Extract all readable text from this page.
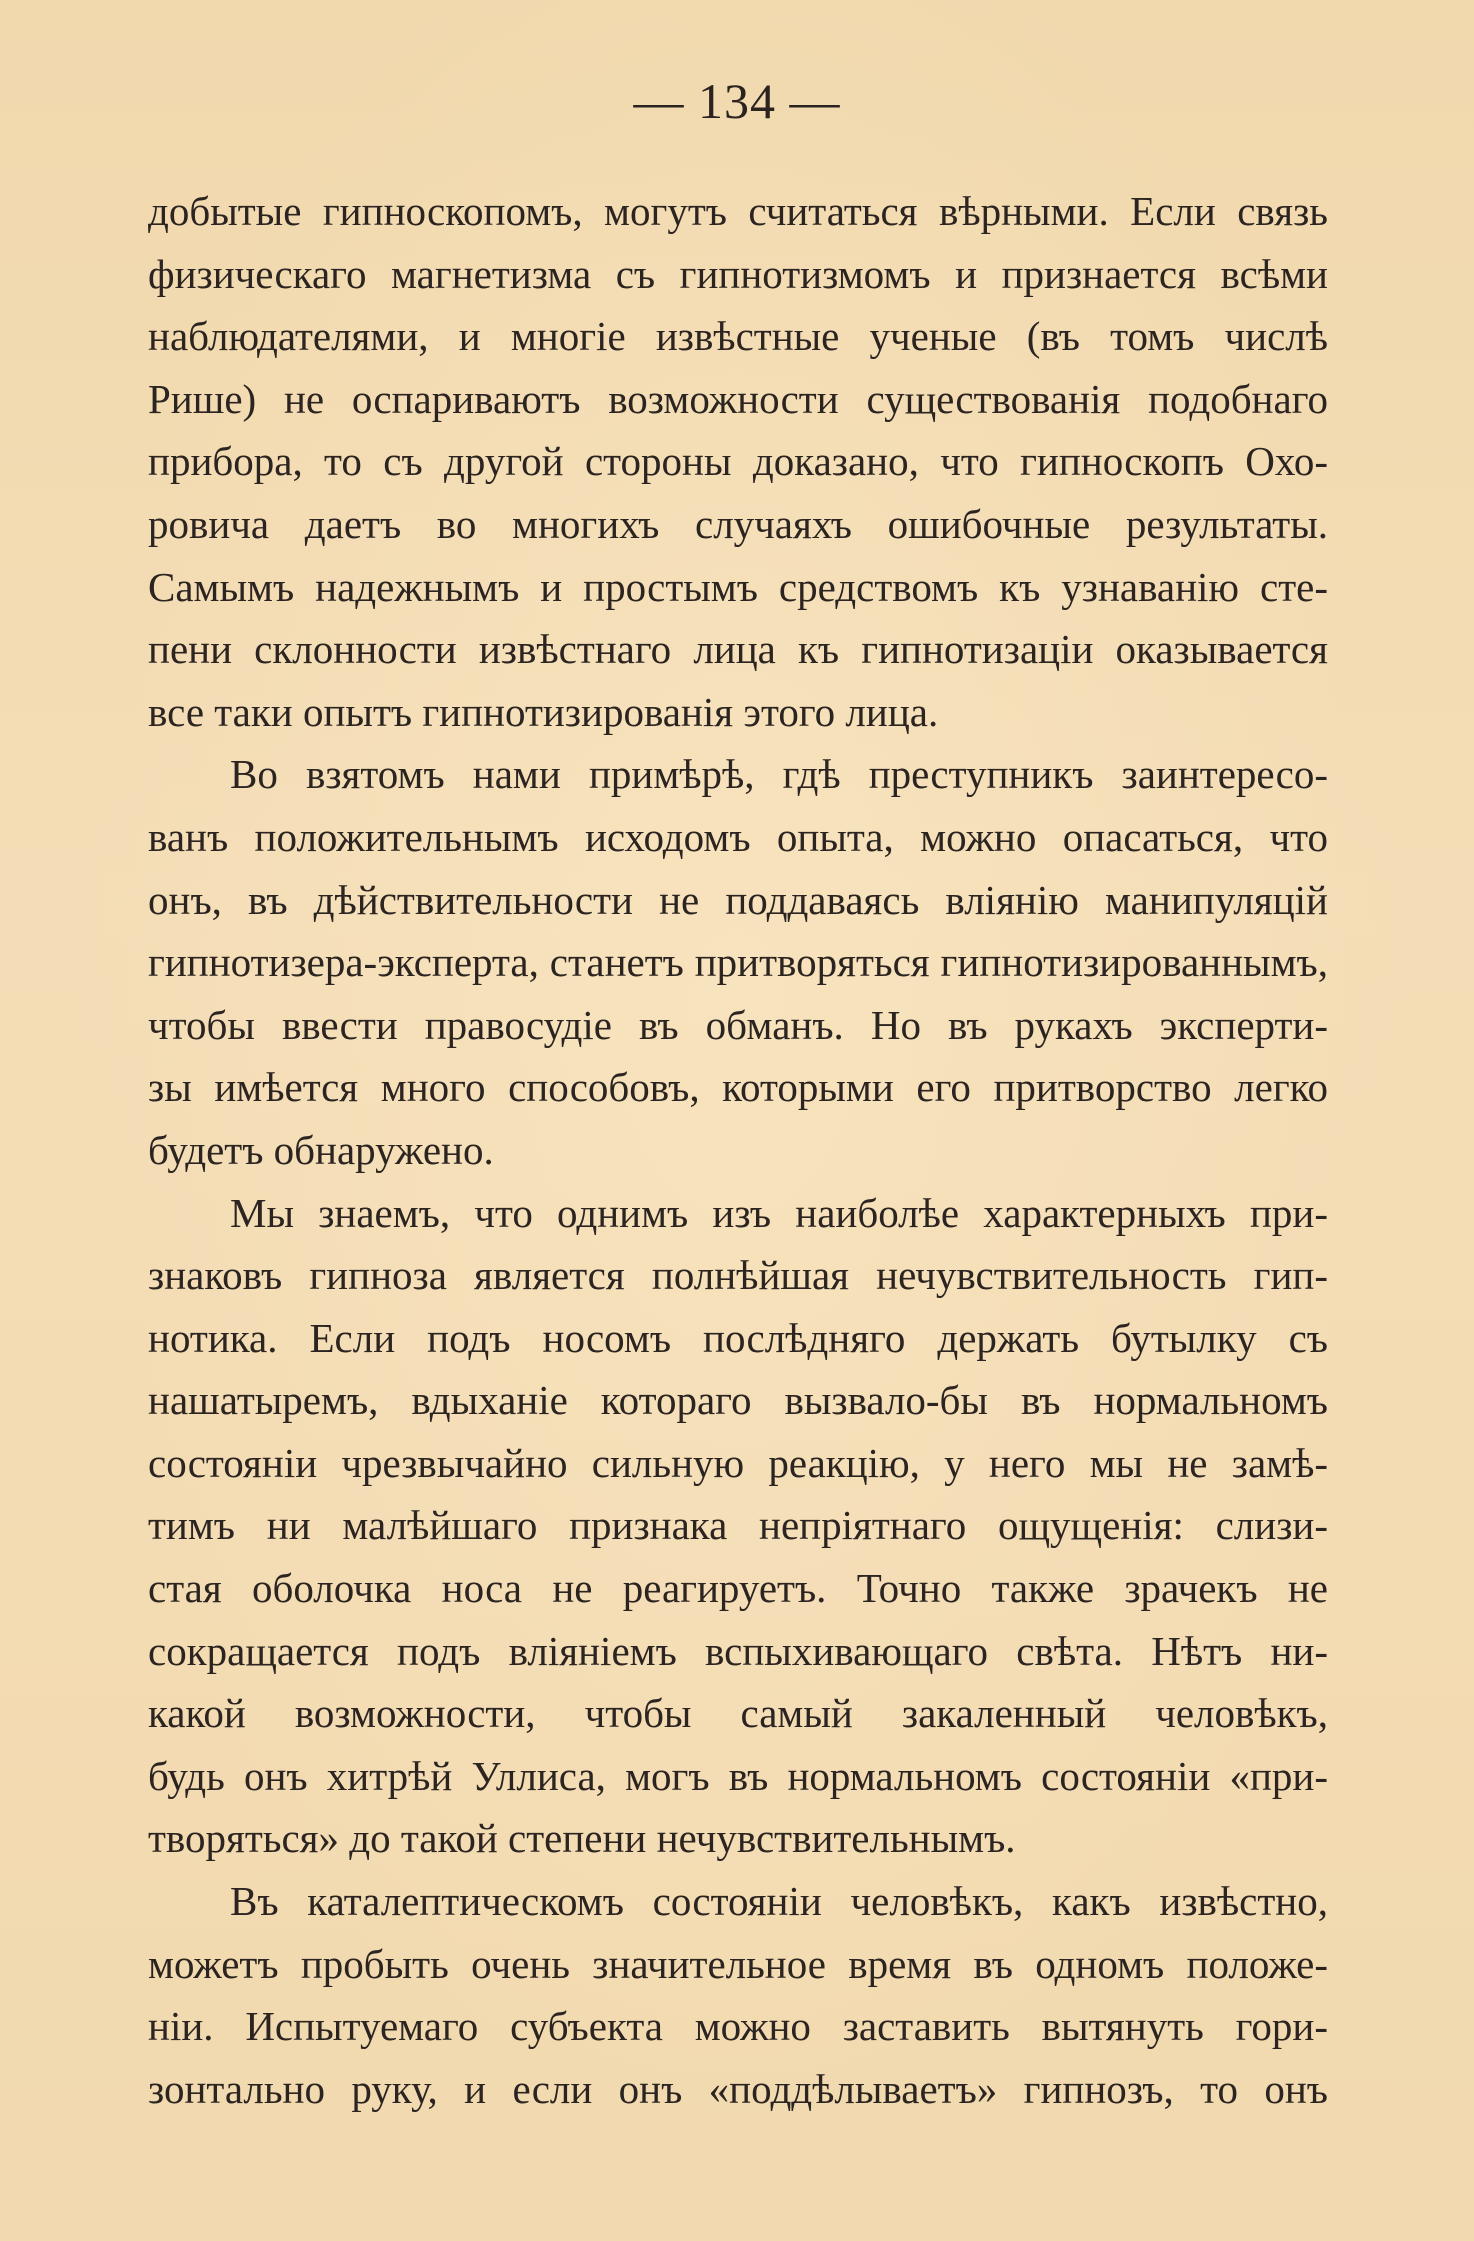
— 134 —
добытые гипноскопомъ, могутъ считаться вѣрными. Если связь
физическаго магнетизма съ гипнотизмомъ и признается всѣми
наблюдателями, и многіе извѣстные ученые (въ томъ числѣ
Рише) не оспариваютъ возможности существованія подобнаго
прибора, то съ другой стороны доказано, что гипноскопъ Охо-
ровича даетъ во многихъ случаяхъ ошибочные результаты.
Самымъ надежнымъ и простымъ средствомъ къ узнаванію сте-
пени склонности извѣстнаго лица къ гипнотизаціи оказывается
все таки опытъ гипнотизированія этого лица.
Во взятомъ нами примѣрѣ, гдѣ преступникъ заинтересо-
ванъ положительнымъ исходомъ опыта, можно опасаться, что
онъ, въ дѣйствительности не поддаваясь вліянію манипуляцій
гипнотизера-эксперта, станетъ притворяться гипнотизированнымъ,
чтобы ввести правосудіе въ обманъ. Но въ рукахъ эксперти-
зы имѣется много способовъ, которыми его притворство легко
будетъ обнаружено.
Мы знаемъ, что однимъ изъ наиболѣе характерныхъ при-
знаковъ гипноза является полнѣйшая нечувствительность гип-
нотика. Если подъ носомъ послѣдняго держать бутылку съ
нашатыремъ, вдыханіе котораго вызвало-бы въ нормальномъ
состояніи чрезвычайно сильную реакцію, у него мы не замѣ-
тимъ ни малѣйшаго признака непріятнаго ощущенія: слизи-
стая оболочка носа не реагируетъ. Точно также зрачекъ не
сокращается подъ вліяніемъ вспыхивающаго свѣта. Нѣтъ ни-
какой возможности, чтобы самый закаленный человѣкъ,
будь онъ хитрѣй Уллиса, могъ въ нормальномъ состояніи «при-
творяться» до такой степени нечувствительнымъ.
Въ каталептическомъ состояніи человѣкъ, какъ извѣстно,
можетъ пробыть очень значительное время въ одномъ положе-
ніи. Испытуемаго субъекта можно заставить вытянуть гори-
зонтально руку, и если онъ «поддѣлываетъ» гипнозъ, то онъ
